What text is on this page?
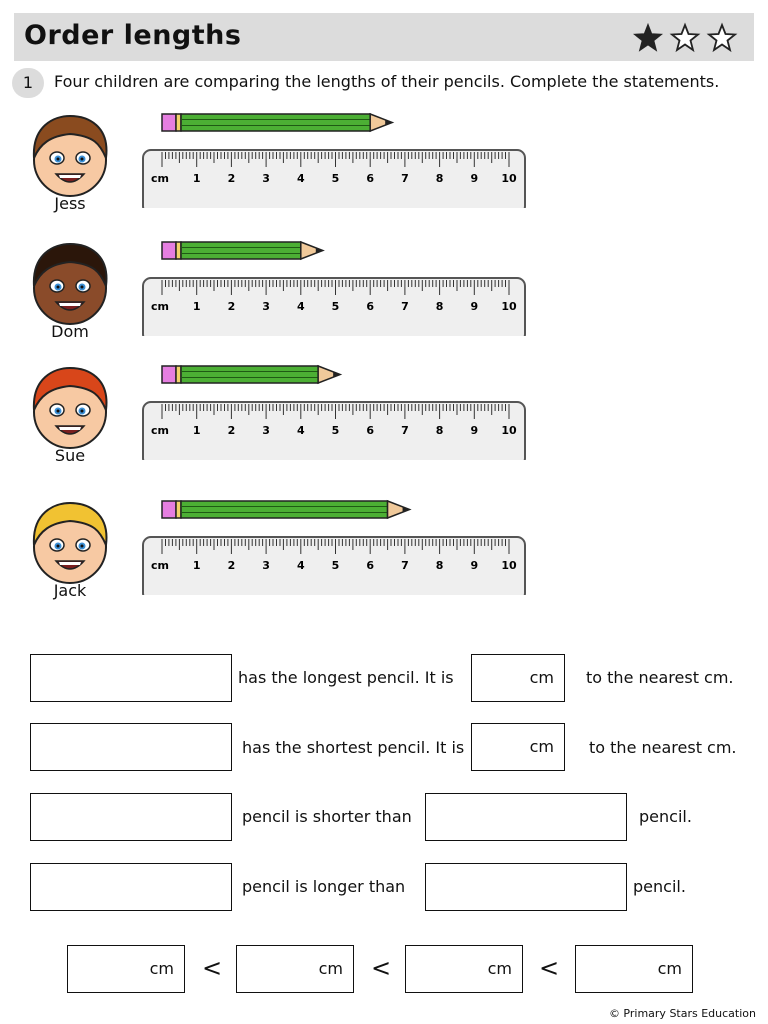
Order lengths
1	Four children are comparing the lengths of their pencils. Complete the statements.
Jess
cm 1 2 3 4 5 6 7 8 9 10
Dom
cm 1 2 3 4 5 6 7 8 9 10
Sue
cm 1 2 3 4 5 6 7 8 9 10
Jack
cm 1 2 3 4 5 6 7 8 9 10
has the longest pencil. It is	cm to the nearest cm.
has the shortest pencil. It is	cm to the nearest cm.
pencil is shorter than	pencil.
pencil is longer than	pencil.
cm <	cm <	cm <	cm
© Primary Stars Education
